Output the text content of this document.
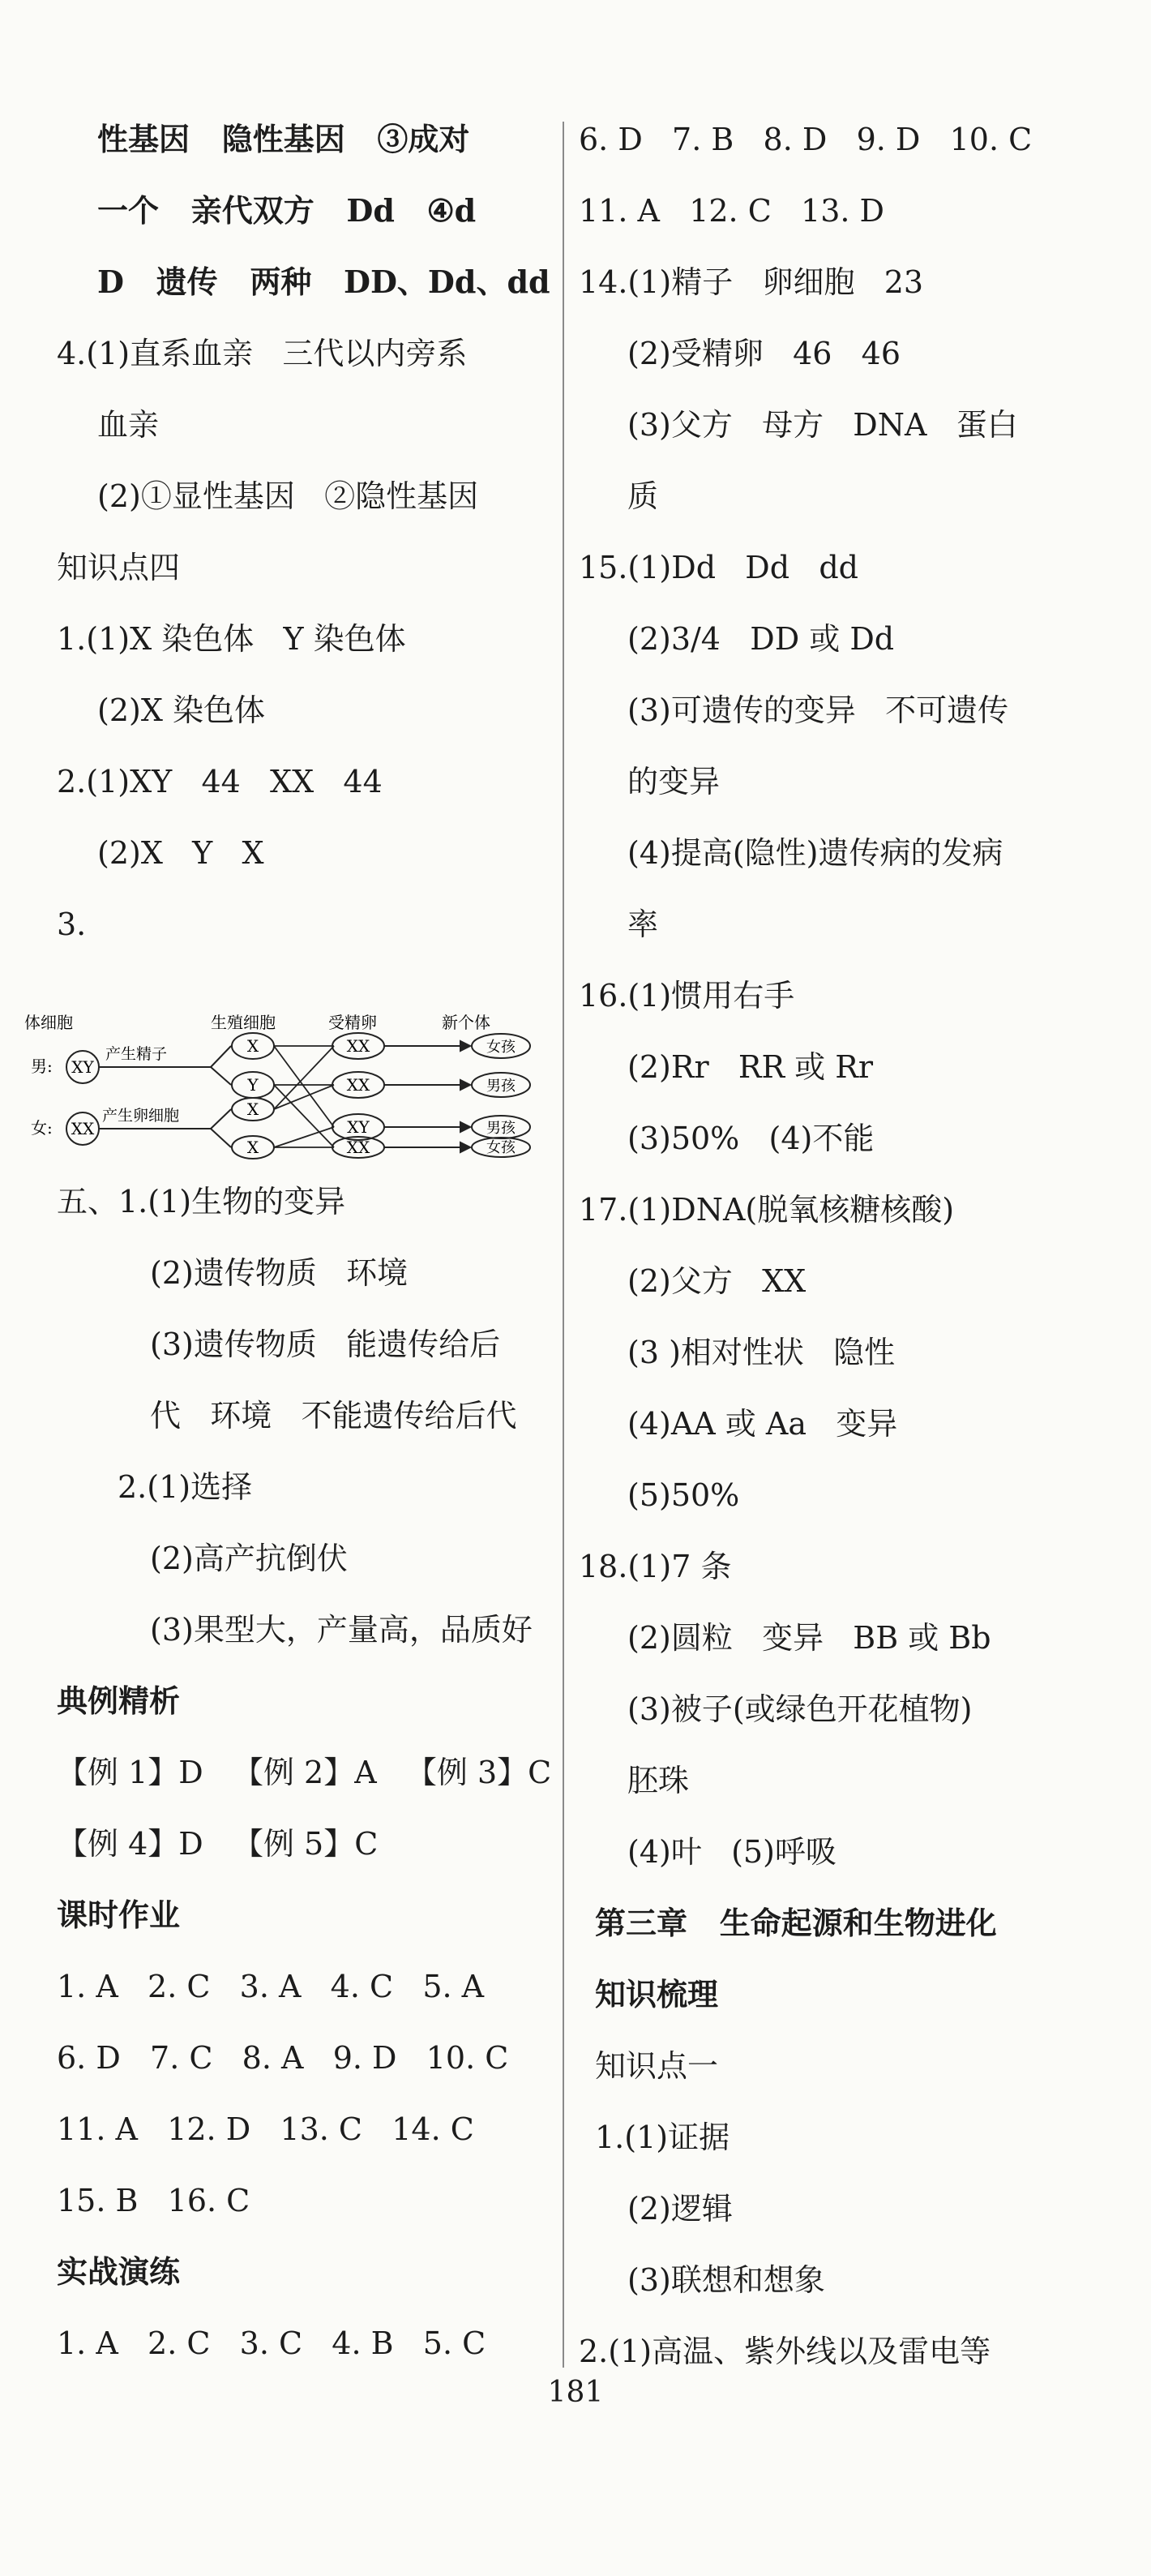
性基因   隐性基因   ③成对
一个   亲代双方   Dd   ④d
D   遗传   两种   DD、Dd、dd
4.(1)直系血亲   三代以内旁系
血亲
(2)①显性基因   ②隐性基因
知识点四
1.(1)X 染色体   Y 染色体
(2)X 染色体
2.(1)XY   44   XX   44
(2)X   Y   X
3.
五、1.(1)生物的变异
(2)遗传物质   环境
(3)遗传物质   能遗传给后
代   环境   不能遗传给后代
2.(1)选择
(2)高产抗倒伏
(3)果型大，产量高，品质好
典例精析
【例 1】D   【例 2】A   【例 3】C
【例 4】D   【例 5】C
课时作业
1. A   2. C   3. A   4. C   5. A
6. D   7. C   8. A   9. D   10. C
11. A   12. D   13. C   14. C
15. B   16. C
实战演练
1. A   2. C   3. C   4. B   5. C
6. D   7. B   8. D   9. D   10. C
11. A   12. C   13. D
14.(1)精子   卵细胞   23
(2)受精卵   46   46
(3)父方   母方   DNA   蛋白
质
15.(1)Dd   Dd   dd
(2)3/4   DD 或 Dd
(3)可遗传的变异   不可遗传
的变异
(4)提高(隐性)遗传病的发病
率
16.(1)惯用右手
(2)Rr   RR 或 Rr
(3)50%   (4)不能
17.(1)DNA(脱氧核糖核酸)
(2)父方   XX
(3 )相对性状   隐性
(4)AA 或 Aa   变异
(5)50%
18.(1)7 条
(2)圆粒   变异   BB 或 Bb
(3)被子(或绿色开花植物)
胚珠
(4)叶   (5)呼吸
第三章   生命起源和生物进化
知识梳理
知识点一
1.(1)证据
(2)逻辑
(3)联想和想象
2.(1)高温、紫外线以及雷电等
体细胞	生殖细胞	受精卵	新个体
男: XY
产生精子
女: XX
产生卵细胞
X
Y
X
X
XX
XX
XY
XX
女孩
男孩
男孩
女孩
181
